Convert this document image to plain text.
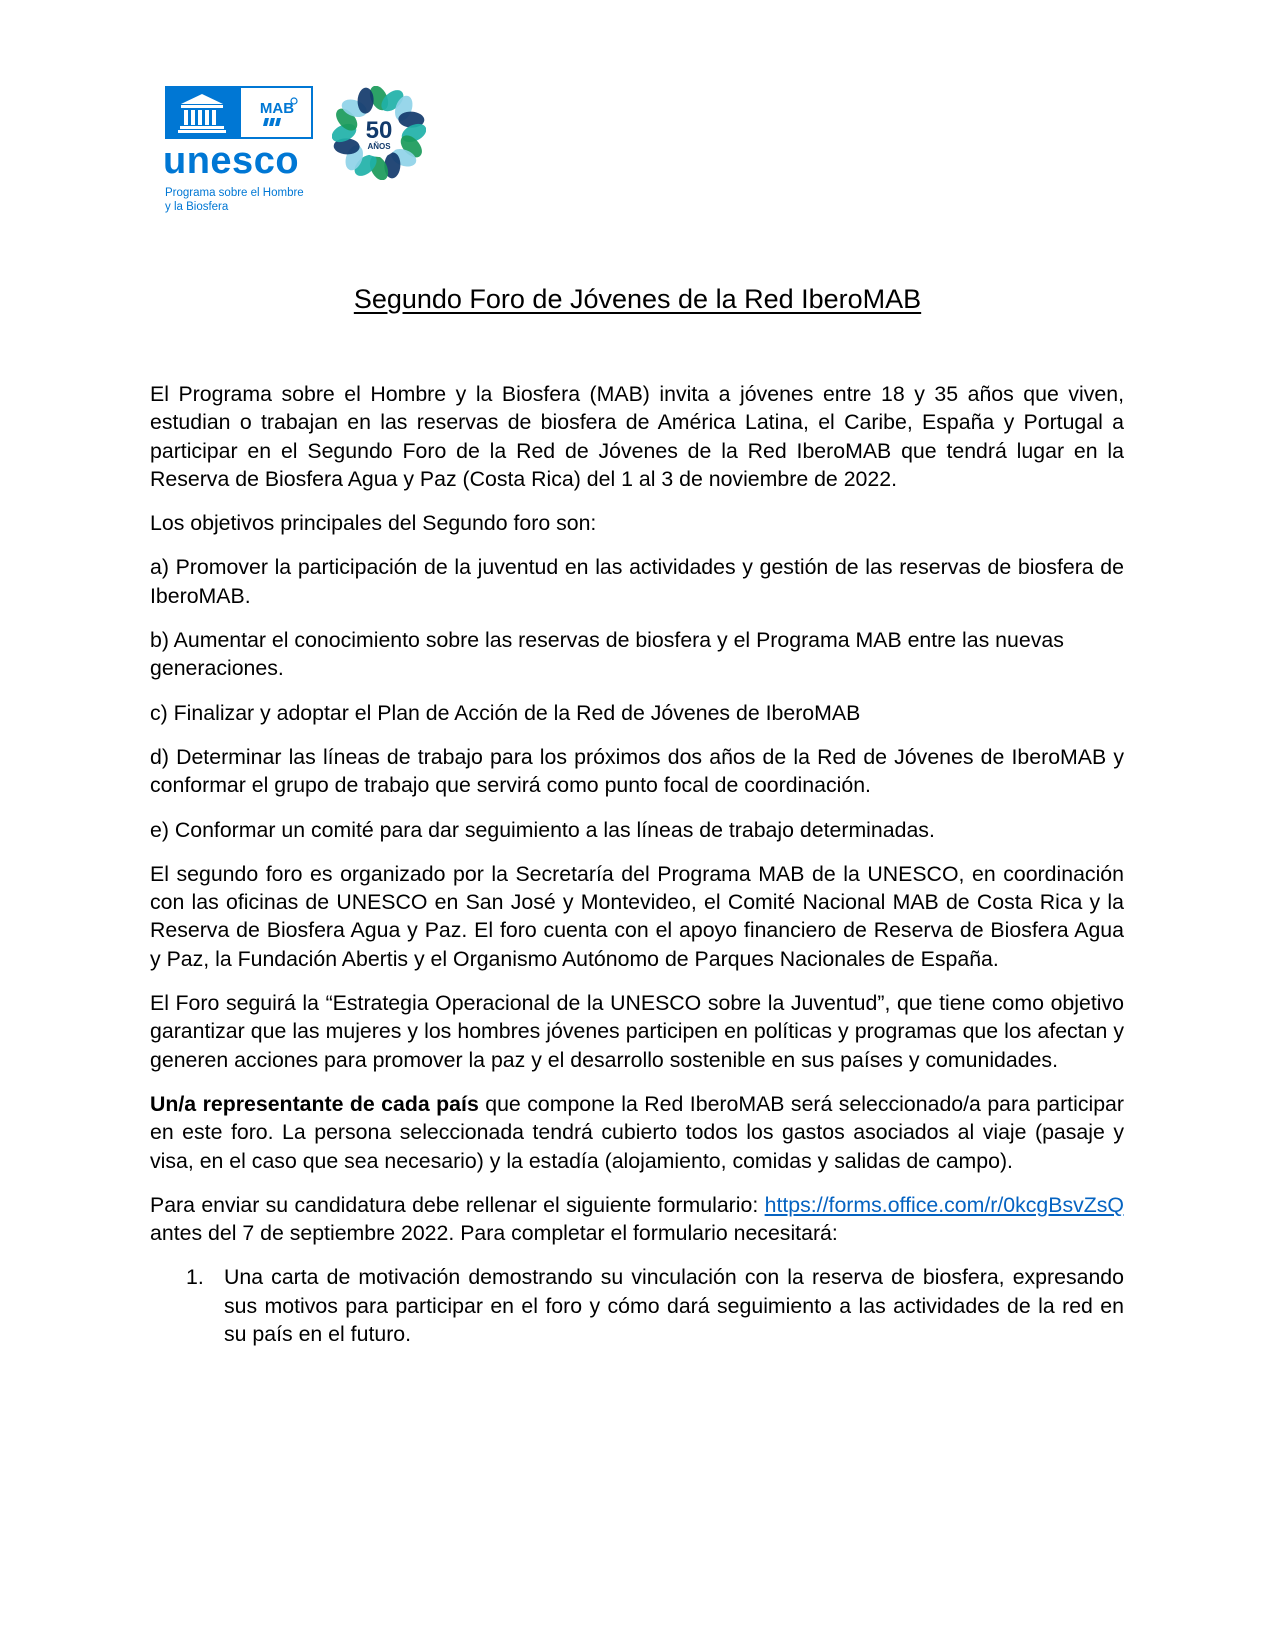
MAB
unesco
Programa sobre el Hombre
y la Biosfera
50
AÑOS
Segundo Foro de Jóvenes de la Red IberoMAB

El Programa sobre el Hombre y la Biosfera (MAB) invita a jóvenes entre 18 y 35 años que viven, estudian o trabajan en las reservas de biosfera de América Latina, el Caribe, España y Portugal a participar en el Segundo Foro de la Red de Jóvenes de la Red IberoMAB que tendrá lugar en la Reserva de Biosfera Agua y Paz (Costa Rica) del 1 al 3 de noviembre de 2022.

Los objetivos principales del Segundo foro son:

a) Promover la participación de la juventud en las actividades y gestión de las reservas de biosfera de IberoMAB.

b) Aumentar el conocimiento sobre las reservas de biosfera y el Programa MAB entre las nuevas generaciones.

c) Finalizar y adoptar el Plan de Acción de la Red de Jóvenes de IberoMAB

d) Determinar las líneas de trabajo para los próximos dos años de la Red de Jóvenes de IberoMAB y conformar el grupo de trabajo que servirá como punto focal de coordinación.

e) Conformar un comité para dar seguimiento a las líneas de trabajo determinadas.

El segundo foro es organizado por la Secretaría del Programa MAB de la UNESCO, en coordinación con las oficinas de UNESCO en San José y Montevideo, el Comité Nacional MAB de Costa Rica y la Reserva de Biosfera Agua y Paz. El foro cuenta con el apoyo financiero de Reserva de Biosfera Agua y Paz, la Fundación Abertis y el Organismo Autónomo de Parques Nacionales de España.

El Foro seguirá la “Estrategia Operacional de la UNESCO sobre la Juventud”, que tiene como objetivo garantizar que las mujeres y los hombres jóvenes participen en políticas y programas que los afectan y generen acciones para promover la paz y el desarrollo sostenible en sus países y comunidades.

Un/a representante de cada país que compone la Red IberoMAB será seleccionado/a para participar en este foro. La persona seleccionada tendrá cubierto todos los gastos asociados al viaje (pasaje y visa, en el caso que sea necesario) y la estadía (alojamiento, comidas y salidas de campo).

Para enviar su candidatura debe rellenar el siguiente formulario: https://forms.office.com/r/0kcgBsvZsQ antes del 7 de septiembre 2022. Para completar el formulario necesitará:

1. Una carta de motivación demostrando su vinculación con la reserva de biosfera, expresando sus motivos para participar en el foro y cómo dará seguimiento a las actividades de la red en su país en el futuro.
